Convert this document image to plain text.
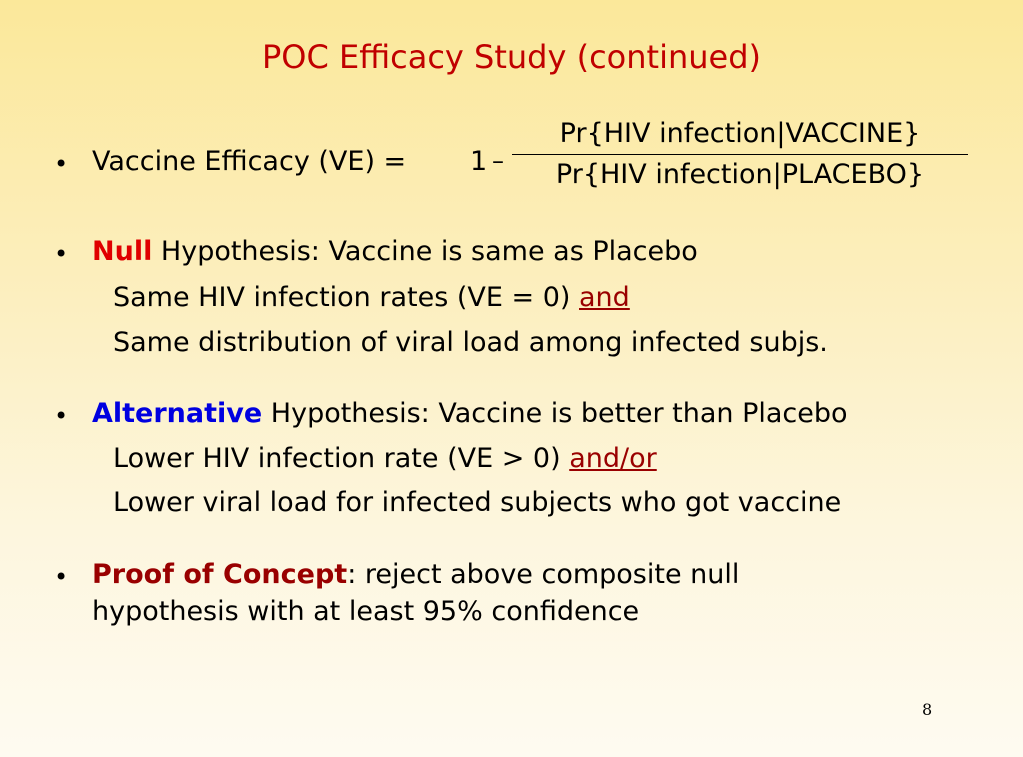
POC Efficacy Study (continued)
• Vaccine Efficacy (VE) = 1 –
Pr{HIV infection|VACCINE}
Pr{HIV infection|PLACEBO}
• Null Hypothesis: Vaccine is same as Placebo
Same HIV infection rates (VE = 0) and
Same distribution of viral load among infected subjs.
• Alternative Hypothesis: Vaccine is better than Placebo
Lower HIV infection rate (VE > 0) and/or
Lower viral load for infected subjects who got vaccine
• Proof of Concept: reject above composite null
hypothesis with at least 95% confidence
8
